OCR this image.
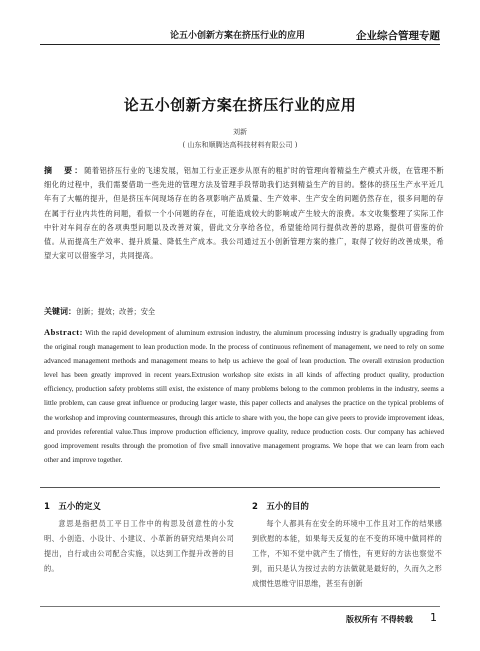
论五小创新方案在挤压行业的应用	企业综合管理专题
论五小创新方案在挤压行业的应用
刘新
( 山东和顺腾达高科技材料有限公司 )
摘　要：随着铝挤压行业的飞速发展，铝加工行业正逐步从原有的粗扩时的管理向着精益生产模式升级，在管理不断细化的过程中，我们需要借助一些先进的管理方法及管理手段帮助我们达到精益生产的目的。整体的挤压生产水平近几年有了大幅的提升，但是挤压车间现场存在的各项影响产品质量、生产效率、生产安全的问题仍然存在，很多问题的存在属于行业内共性的问题，看似一个小问题的存在，可能造成较大的影响或产生较大的浪费。本文收集整理了实际工作中针对车间存在的各项典型问题以及改善对策，借此文分享给各位，希望能给同行提供改善的思路，提供可借鉴的价值。从而提高生产效率、提升质量、降低生产成本。我公司通过五小创新管理方案的推广，取得了较好的改善成果，希望大家可以借鉴学习，共同提高。
关键词：创新；提效；改善；安全
Abstract: With the rapid development of aluminum extrusion industry, the aluminum processing industry is gradually upgrading from the original rough management to lean production mode. In the process of continuous refinement of management, we need to rely on some advanced management methods and management means to help us achieve the goal of lean production. The overall extrusion production level has been greatly improved in recent years.Extrusion workshop site exists in all kinds of affecting product quality, production efficiency, production safety problems still exist, the existence of many problems belong to the common problems in the industry, seems a little problem, can cause great influence or producing larger waste, this paper collects and analyses the practice on the typical problems of the workshop and improving countermeasures, through this article to share with you, the hope can give peers to provide improvement ideas, and provides referential value.Thus improve production efficiency, improve quality, reduce production costs. Our company has achieved good improvement results through the promotion of five small innovative management programs. We hope that we can learn from each other and improve together.
1　五小的定义
意思是指把员工平日工作中的构思及创意性的小发明、小创造、小设计、小建议、小革新的研究结果向公司提出，自行或由公司配合实施，以达到工作提升改善的目的。
2　五小的目的
每个人都具有在安全的环境中工作且对工作的结果感到欣慰的本能，如果每天反复的在不变的环境中做同样的工作，不知不觉中就产生了惰性，有更好的方法也察觉不到，而只是认为按过去的方法做就是最好的，久而久之形成惯性思维守旧思维，甚至有创新
版权所有 不得转载 1
